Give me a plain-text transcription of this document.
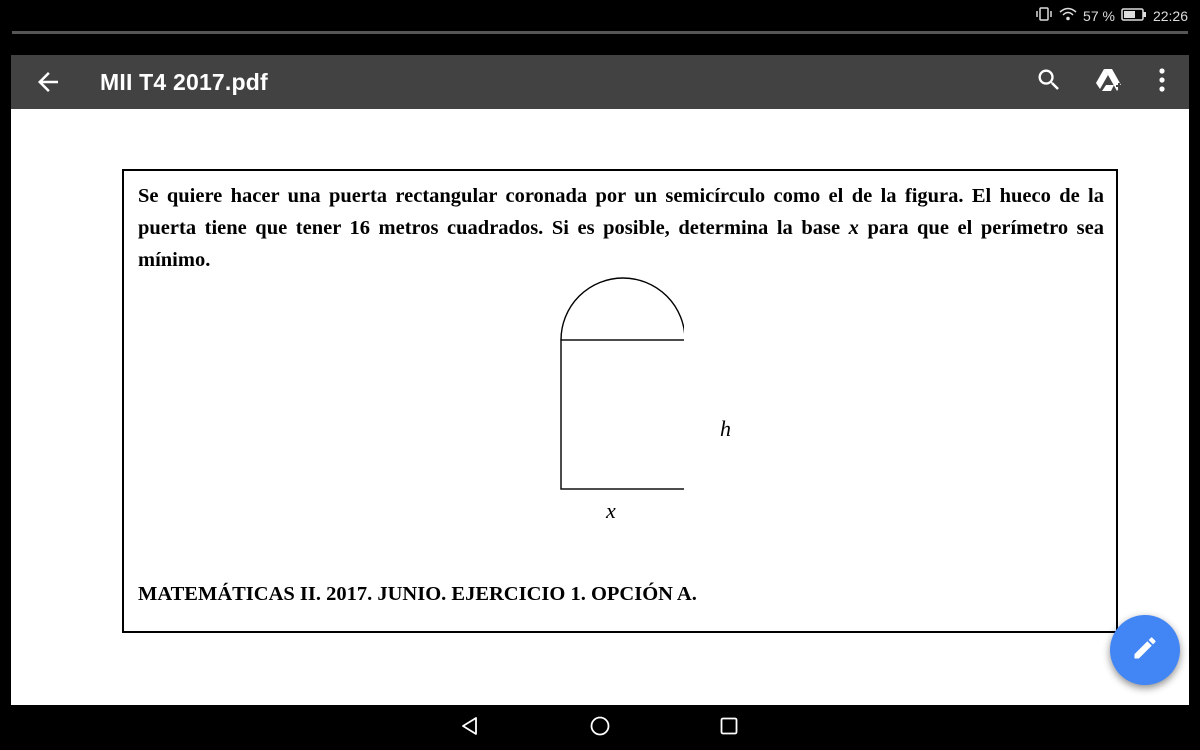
57 %	22:26
MII T4 2017.pdf

Se quiere hacer una puerta rectangular coronada por un semicírculo como el de la figura. El hueco de la puerta tiene que tener 16 metros cuadrados. Si es posible, determina la base x para que el perímetro sea mínimo.

h
x

MATEMÁTICAS II. 2017. JUNIO. EJERCICIO 1. OPCIÓN A.
